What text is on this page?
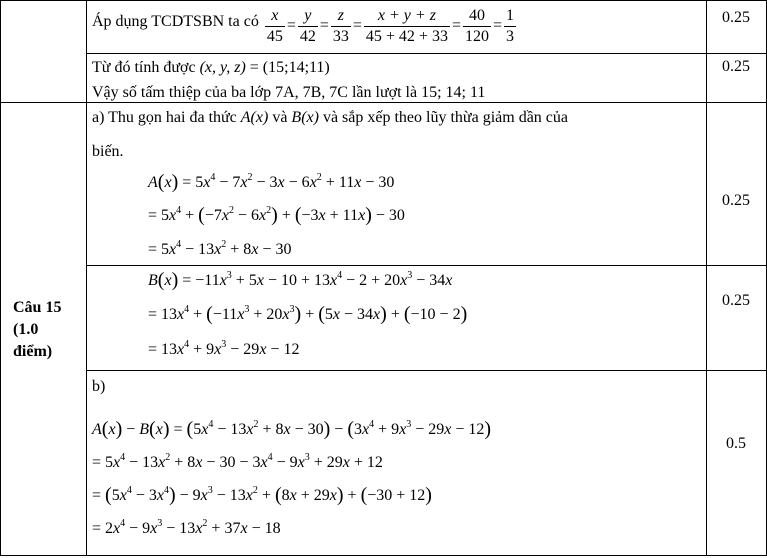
Áp dụng TCDTSBN ta có $\frac{x}{45} = \frac{y}{42} = \frac{z}{33} = \frac{x + y + z}{45 + 42 + 33} = \frac{40}{120} = \frac{1}{3}$	0.25
Từ đó tính được (x, y, z) = (15;14;11)
Vậy số tấm thiệp của ba lớp 7A, 7B, 7C lần lượt là 15; 14; 11
0.25
Câu 15
(1.0
điểm)
a) Thu gọn hai đa thức A(x) và B(x) và sắp xếp theo lũy thừa giảm dần của
biến.
$A(x) = 5x^4 - 7x^2 - 3x - 6x^2 + 11x - 30$
= $5x^4 + (-7x^2 - 6x^2) + (-3x + 11x) - 30$
= $5x^4 - 13x^2 + 8x - 30$
0.25
$B(x) = -11x^3 + 5x - 10 + 13x^4 - 2 + 20x^3 - 34x$
= $13x^4 + (-11x^3 + 20x^3) + (5x - 34x) + (-10 - 2)$
= $13x^4 + 9x^3 - 29x - 12$
0.25
b)
$A(x) - B(x) = (5x^4 - 13x^2 + 8x - 30) - (3x^4 + 9x^3 - 29x - 12)$
= $5x^4 - 13x^2 + 8x - 30 - 3x^4 - 9x^3 + 29x + 12$
= $(5x^4 - 3x^4) - 9x^3 - 13x^2 + (8x + 29x) + (-30 + 12)$
= $2x^4 - 9x^3 - 13x^2 + 37x - 18$
0.5
